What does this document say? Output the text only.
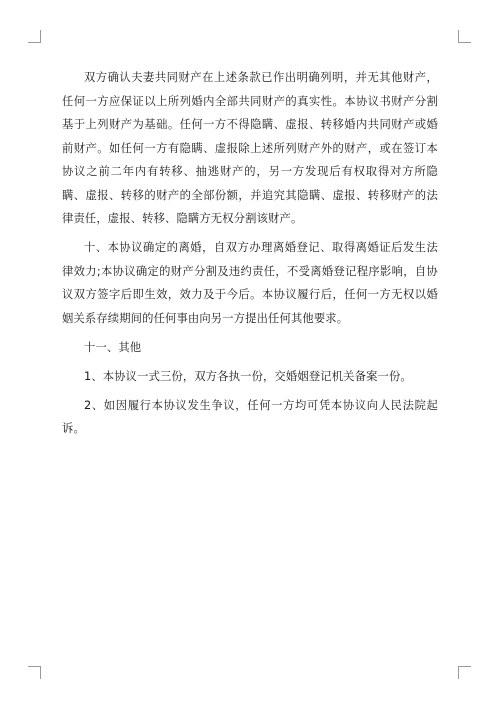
双方确认夫妻共同财产在上述条款已作出明确列明，并无其他财产，任何一方应保证以上所列婚内全部共同财产的真实性。本协议书财产分割基于上列财产为基础。任何一方不得隐瞒、虚报、转移婚内共同财产或婚前财产。如任何一方有隐瞒、虚报除上述所列财产外的财产，或在签订本协议之前二年内有转移、抽逃财产的，另一方发现后有权取得对方所隐瞒、虚报、转移的财产的全部份额，并追究其隐瞒、虚报、转移财产的法律责任，虚报、转移、隐瞒方无权分割该财产。

十、本协议确定的离婚，自双方办理离婚登记、取得离婚证后发生法律效力;本协议确定的财产分割及违约责任，不受离婚登记程序影响，自协议双方签字后即生效，效力及于今后。本协议履行后，任何一方无权以婚姻关系存续期间的任何事由向另一方提出任何其他要求。

十一、其他

1、本协议一式三份，双方各执一份，交婚姻登记机关备案一份。

2、如因履行本协议发生争议，任何一方均可凭本协议向人民法院起诉。
